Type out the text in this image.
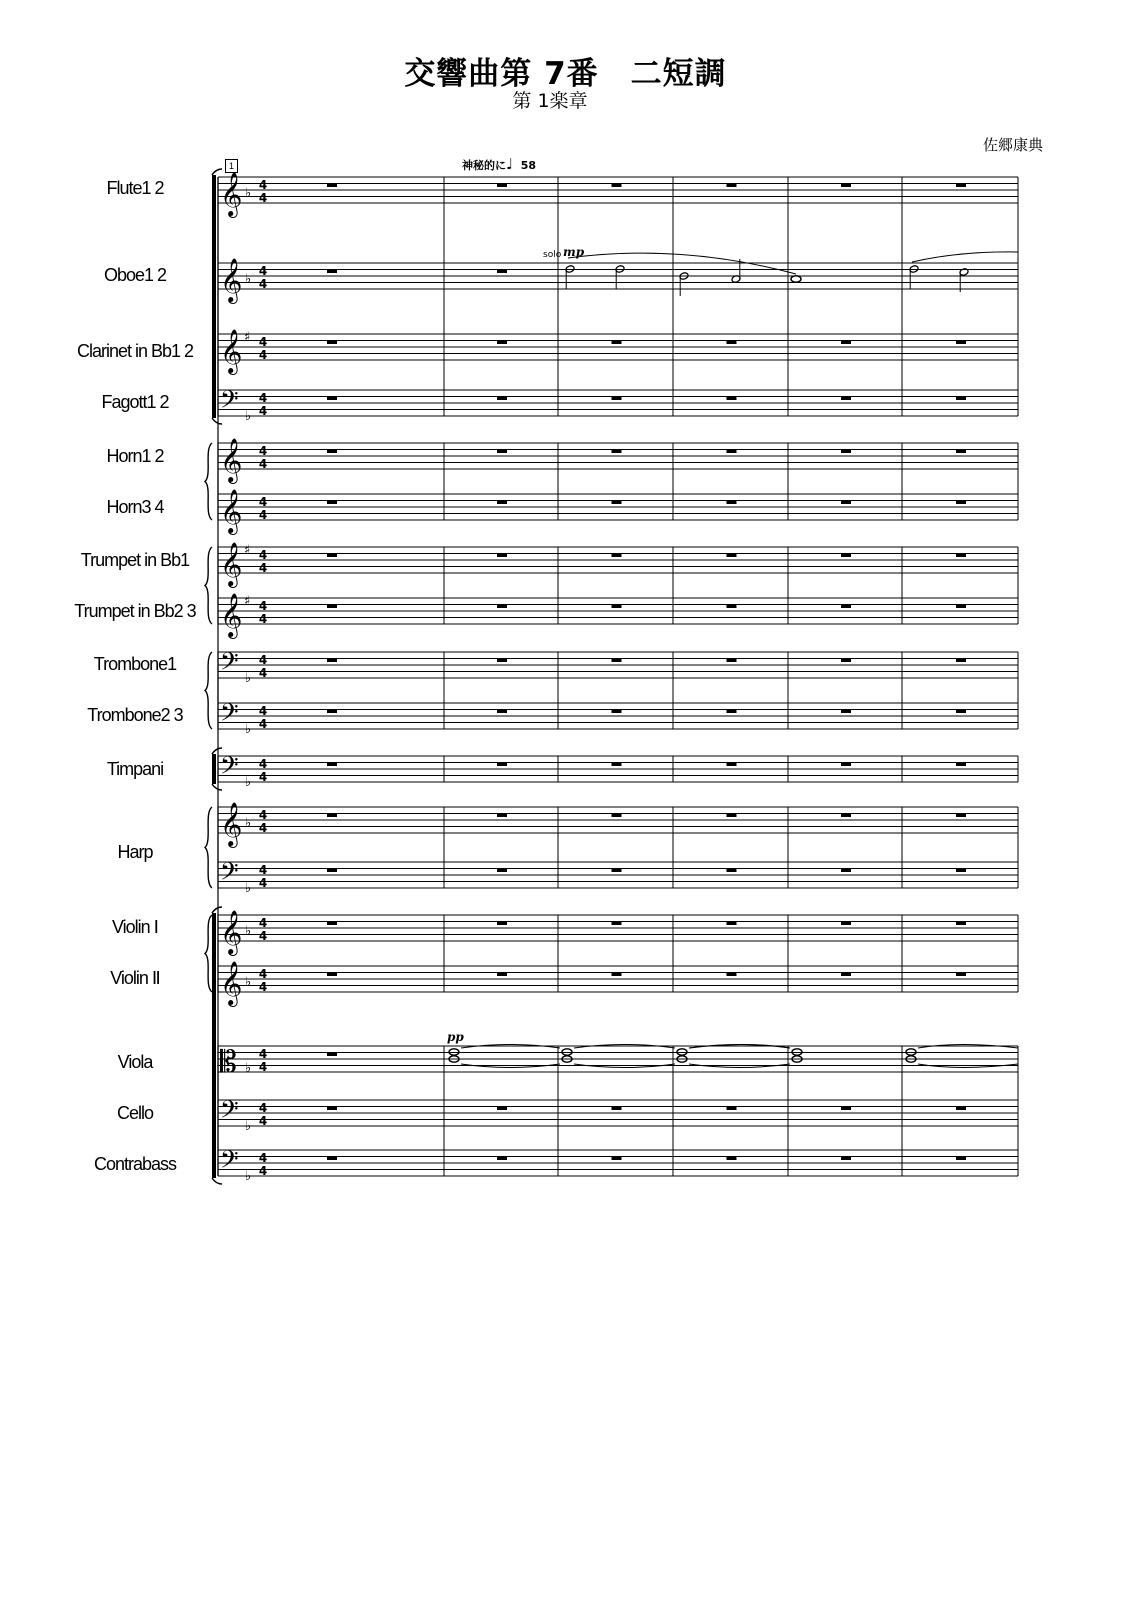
交響曲第 7番　二短調
第 1楽章
佐郷康典
1	神秘的に♩ 58
Flute1 2
Oboe1 2
Clarinet in Bb1 2
Fagott1 2
Horn1 2
Horn3 4
Trumpet in Bb1
Trumpet in Bb2 3
Trombone1
Trombone2 3
Timpani
Harp
Violin Ⅰ
Violin Ⅱ
Viola
Cello
Contrabass
𝄞 ♭
4
4
𝄞 ♭
4
4
𝄞 ♯ 4
4
𝄢 ♭
4
4
𝄞 4
4
𝄞 4
4
𝄞 ♯ 4
4
𝄞 ♯ 4
4
𝄢 ♭
4
4
𝄢 ♭
4
4
𝄢 ♭
4
4
𝄞 ♭
4
4
𝄢 ♭
4
4
𝄞 ♭
4
4
𝄞 ♭
4
4
𝄡 ♭
4
4
𝄢 ♭
4
4
𝄢 ♭
4
4
solo mp
pp
